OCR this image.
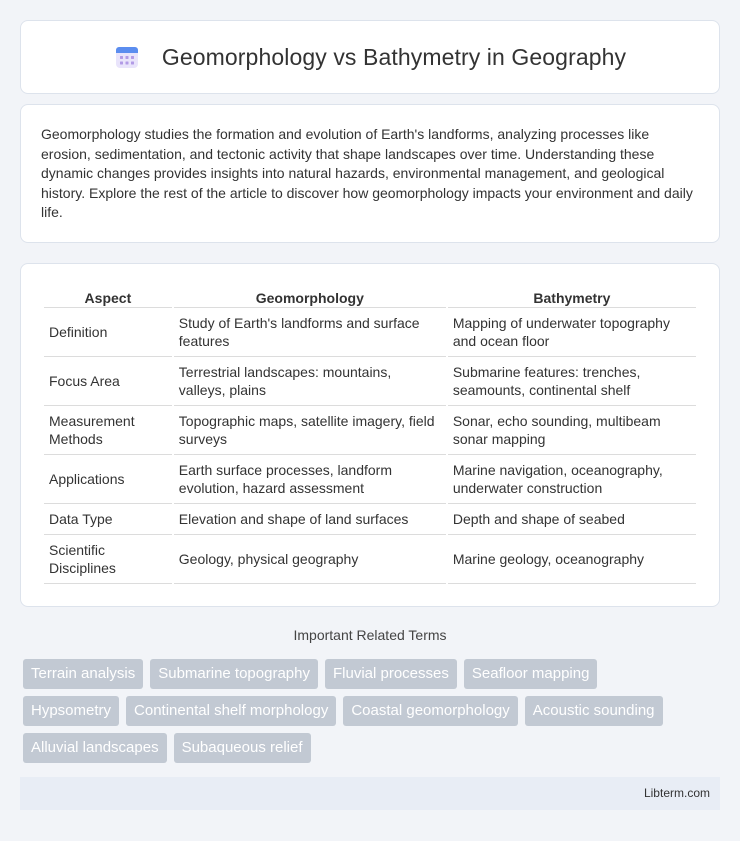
Geomorphology vs Bathymetry in Geography

Geomorphology studies the formation and evolution of Earth's landforms, analyzing processes like erosion, sedimentation, and tectonic activity that shape landscapes over time. Understanding these dynamic changes provides insights into natural hazards, environmental management, and geological history. Explore the rest of the article to discover how geomorphology impacts your environment and daily life.

Aspect	Geomorphology	Bathymetry
Definition	Study of Earth's landforms and surface features	Mapping of underwater topography and ocean floor
Focus Area	Terrestrial landscapes: mountains, valleys, plains	Submarine features: trenches, seamounts, continental shelf
Measurement Methods	Topographic maps, satellite imagery, field surveys	Sonar, echo sounding, multibeam sonar mapping
Applications	Earth surface processes, landform evolution, hazard assessment	Marine navigation, oceanography, underwater construction
Data Type	Elevation and shape of land surfaces	Depth and shape of seabed
Scientific Disciplines	Geology, physical geography	Marine geology, oceanography
Important Related Terms
Terrain analysis	Submarine topography	Fluvial processes	Seafloor mapping
Hypsometry	Continental shelf morphology	Coastal geomorphology	Acoustic sounding
Alluvial landscapes	Subaqueous relief
Libterm.com
